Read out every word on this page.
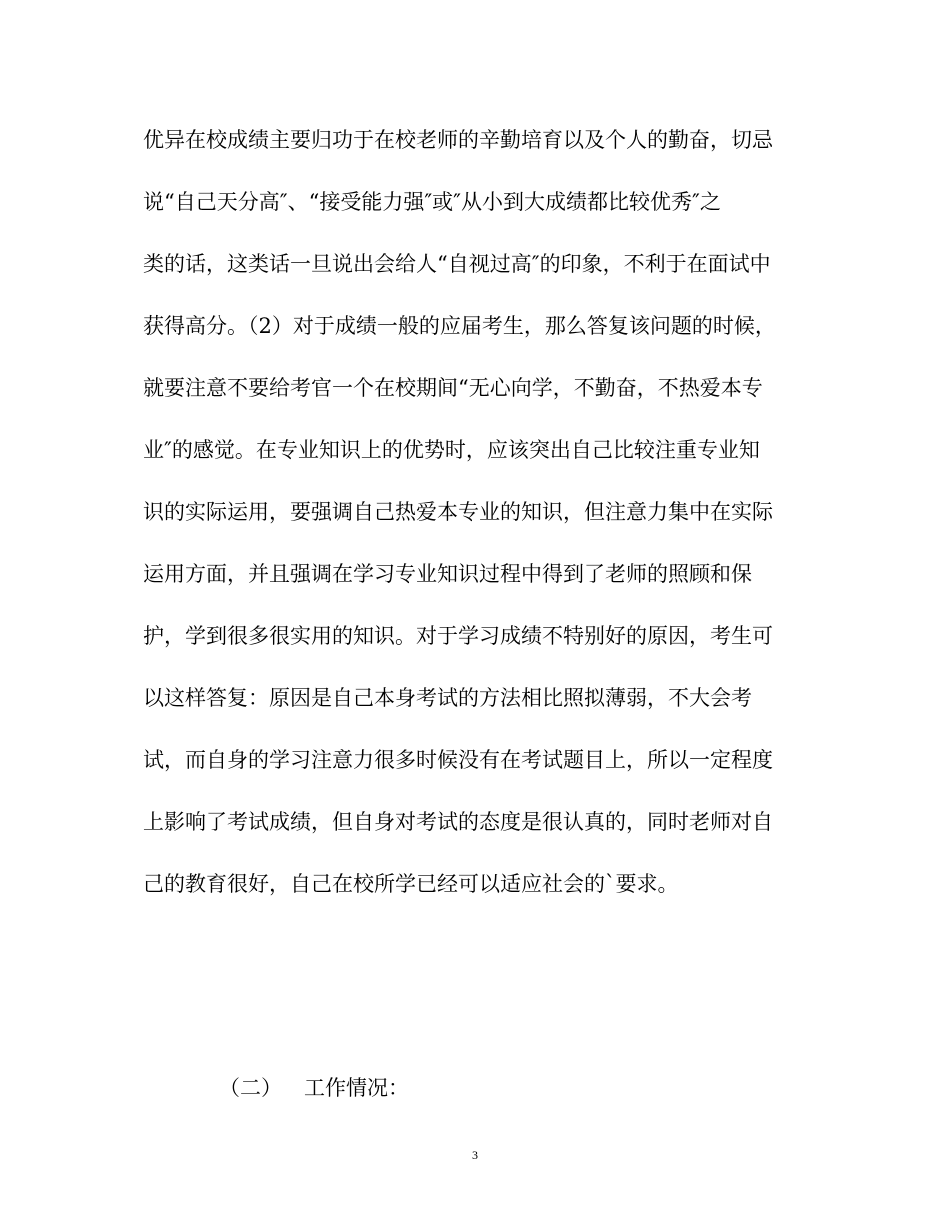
优异在校成绩主要归功于在校老师的辛勤培育以及个人的勤奋，切忌
说“自己天分高″、“接受能力强″或″从小到大成绩都比较优秀″之
类的话，这类话一旦说出会给人“自视过高″的印象，不利于在面试中
获得高分。（2）对于成绩一般的应届考生，那么答复该问题的时候，
就要注意不要给考官一个在校期间“无心向学，不勤奋，不热爱本专
业″的感觉。在专业知识上的优势时，应该突出自己比较注重专业知
识的实际运用，要强调自己热爱本专业的知识，但注意力集中在实际
运用方面，并且强调在学习专业知识过程中得到了老师的照顾和保
护，学到很多很实用的知识。对于学习成绩不特别好的原因，考生可
以这样答复：原因是自己本身考试的方法相比照拟薄弱，不大会考
试，而自身的学习注意力很多时候没有在考试题目上，所以一定程度
上影响了考试成绩，但自身对考试的态度是很认真的，同时老师对自
己的教育很好，自己在校所学已经可以适应社会的`要求。
（二） 工作情况：
3
